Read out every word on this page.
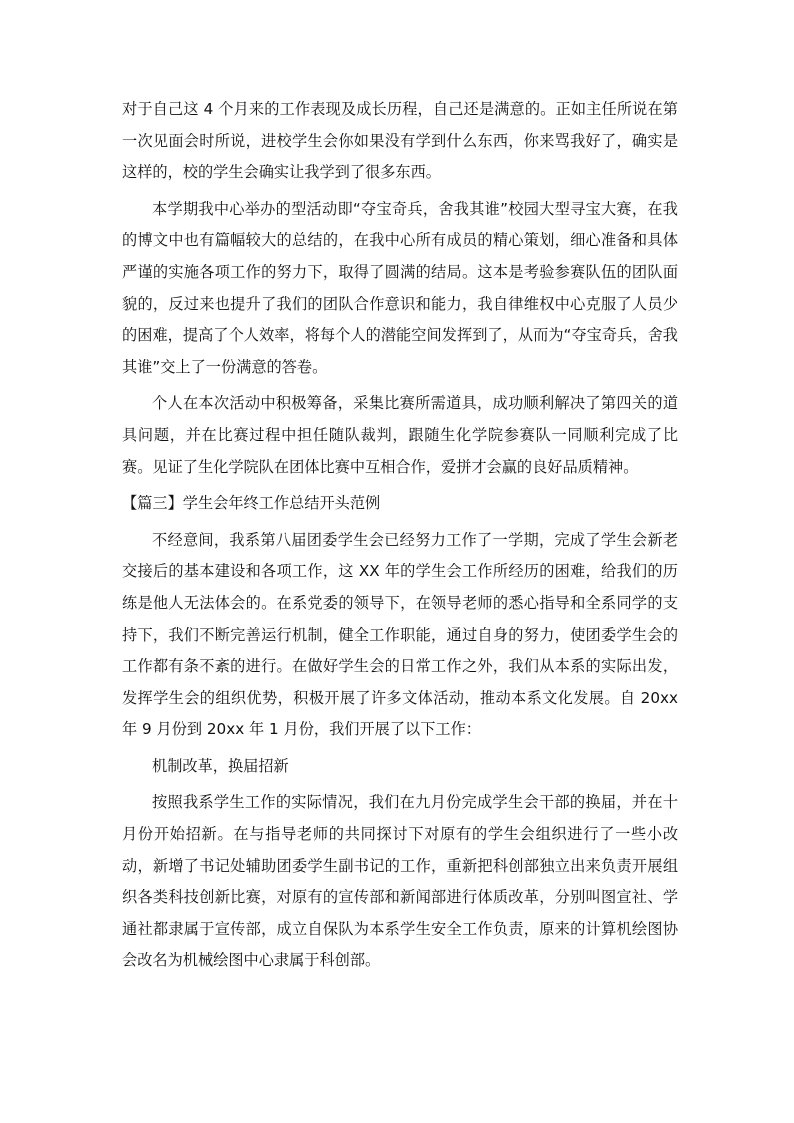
对于自己这 4 个月来的工作表现及成长历程，自己还是满意的。正如主任所说在第一次见面会时所说，进校学生会你如果没有学到什么东西，你来骂我好了，确实是这样的，校的学生会确实让我学到了很多东西。

本学期我中心举办的型活动即“夺宝奇兵，舍我其谁”校园大型寻宝大赛，在我的博文中也有篇幅较大的总结的，在我中心所有成员的精心策划，细心准备和具体严谨的实施各项工作的努力下，取得了圆满的结局。这本是考验参赛队伍的团队面貌的，反过来也提升了我们的团队合作意识和能力，我自律维权中心克服了人员少的困难，提高了个人效率，将每个人的潜能空间发挥到了，从而为“夺宝奇兵，舍我其谁”交上了一份满意的答卷。

个人在本次活动中积极筹备，采集比赛所需道具，成功顺利解决了第四关的道具问题，并在比赛过程中担任随队裁判，跟随生化学院参赛队一同顺利完成了比赛。见证了生化学院队在团体比赛中互相合作，爱拼才会赢的良好品质精神。

【篇三】学生会年终工作总结开头范例

不经意间，我系第八届团委学生会已经努力工作了一学期，完成了学生会新老交接后的基本建设和各项工作，这 XX 年的学生会工作所经历的困难，给我们的历练是他人无法体会的。在系党委的领导下，在领导老师的悉心指导和全系同学的支持下，我们不断完善运行机制，健全工作职能，通过自身的努力，使团委学生会的工作都有条不紊的进行。在做好学生会的日常工作之外，我们从本系的实际出发，发挥学生会的组织优势，积极开展了许多文体活动，推动本系文化发展。自 20xx 年 9 月份到 20xx 年 1 月份，我们开展了以下工作：

机制改革，换届招新

按照我系学生工作的实际情况，我们在九月份完成学生会干部的换届，并在十月份开始招新。在与指导老师的共同探讨下对原有的学生会组织进行了一些小改动，新增了书记处辅助团委学生副书记的工作，重新把科创部独立出来负责开展组织各类科技创新比赛，对原有的宣传部和新闻部进行体质改革，分别叫图宣社、学通社都隶属于宣传部，成立自保队为本系学生安全工作负责，原来的计算机绘图协会改名为机械绘图中心隶属于科创部。
